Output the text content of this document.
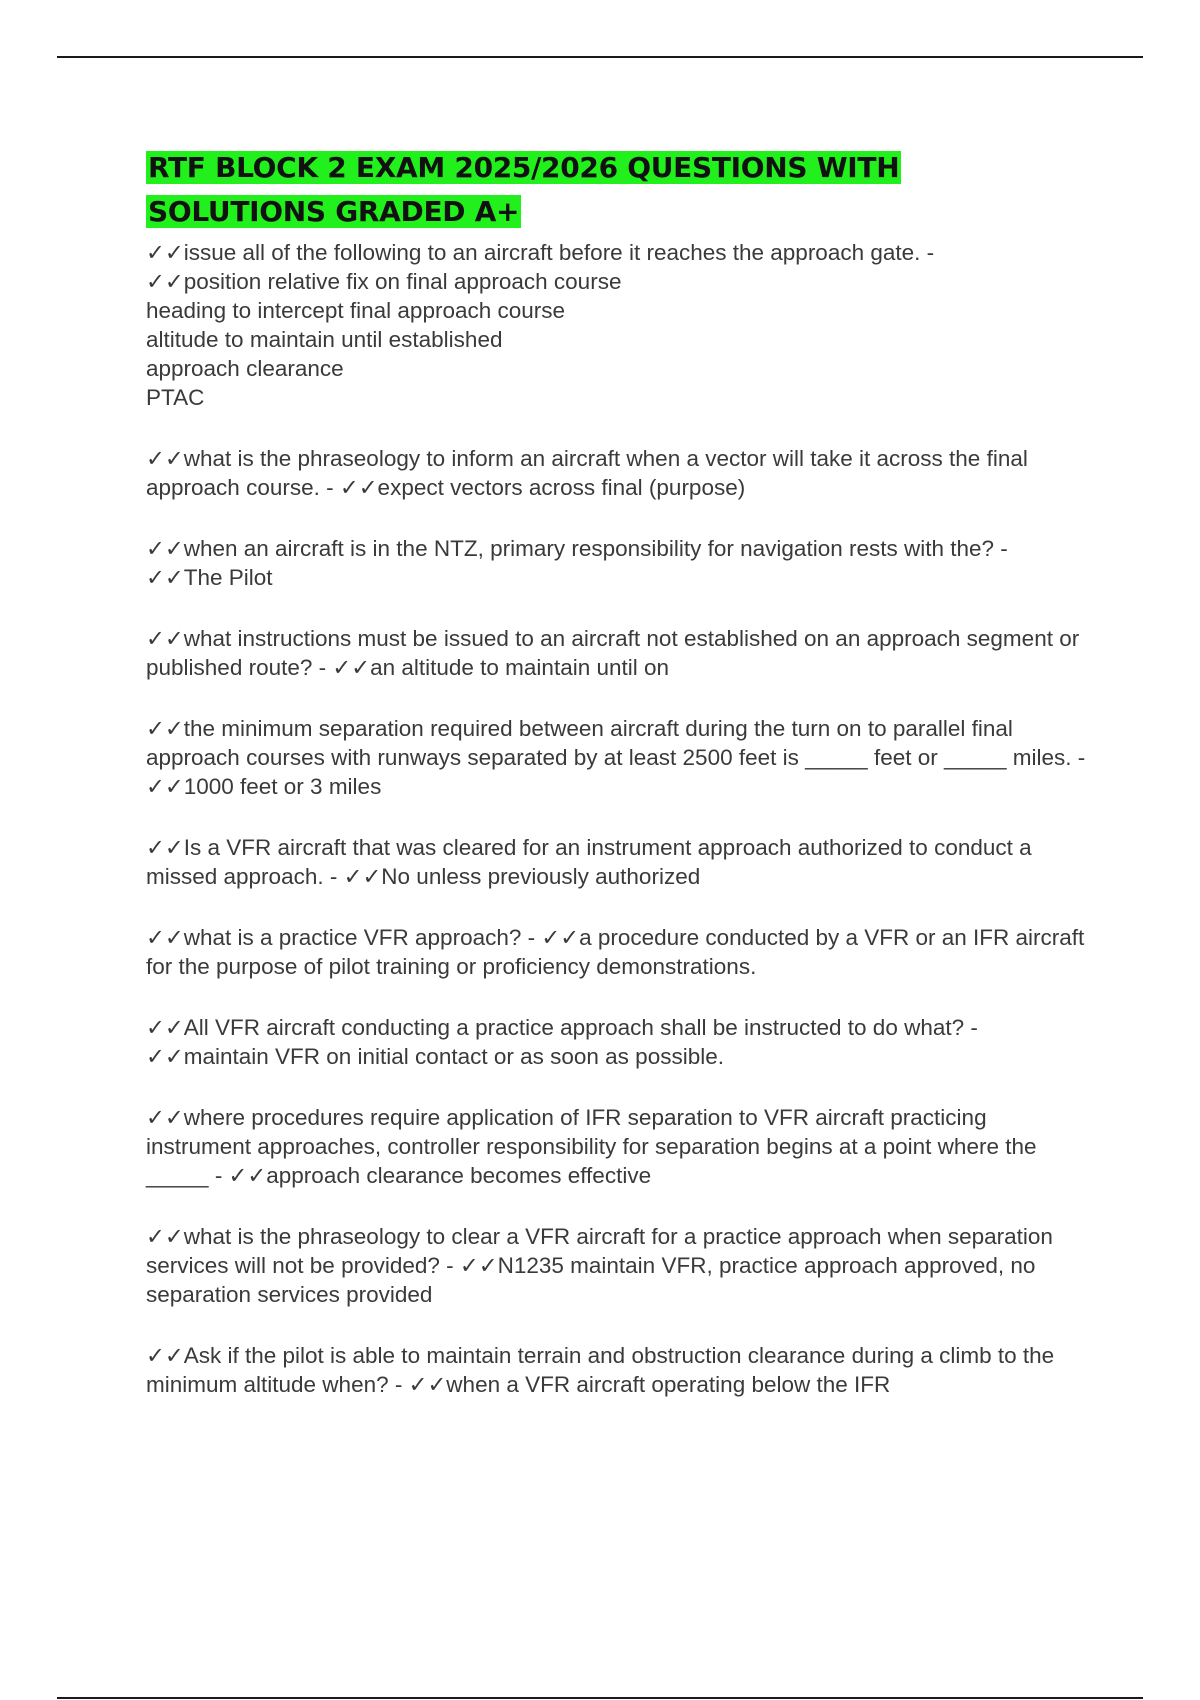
RTF BLOCK 2 EXAM 2025/2026 QUESTIONS WITH SOLUTIONS GRADED A+

✓✓issue all of the following to an aircraft before it reaches the approach gate. -
✓✓position relative fix on final approach course
heading to intercept final approach course
altitude to maintain until established
approach clearance
PTAC

✓✓what is the phraseology to inform an aircraft when a vector will take it across the final approach course. - ✓✓expect vectors across final (purpose)

✓✓when an aircraft is in the NTZ, primary responsibility for navigation rests with the? - ✓✓The Pilot

✓✓what instructions must be issued to an aircraft not established on an approach segment or published route? - ✓✓an altitude to maintain until on

✓✓the minimum separation required between aircraft during the turn on to parallel final approach courses with runways separated by at least 2500 feet is _____ feet or _____ miles. - ✓✓1000 feet or 3 miles

✓✓Is a VFR aircraft that was cleared for an instrument approach authorized to conduct a missed approach. - ✓✓No unless previously authorized

✓✓what is a practice VFR approach? - ✓✓a procedure conducted by a VFR or an IFR aircraft for the purpose of pilot training or proficiency demonstrations.

✓✓All VFR aircraft conducting a practice approach shall be instructed to do what? - ✓✓maintain VFR on initial contact or as soon as possible.

✓✓where procedures require application of IFR separation to VFR aircraft practicing instrument approaches, controller responsibility for separation begins at a point where the _____ - ✓✓approach clearance becomes effective

✓✓what is the phraseology to clear a VFR aircraft for a practice approach when separation services will not be provided? - ✓✓N1235 maintain VFR, practice approach approved, no separation services provided

✓✓Ask if the pilot is able to maintain terrain and obstruction clearance during a climb to the minimum altitude when? - ✓✓when a VFR aircraft operating below the IFR
